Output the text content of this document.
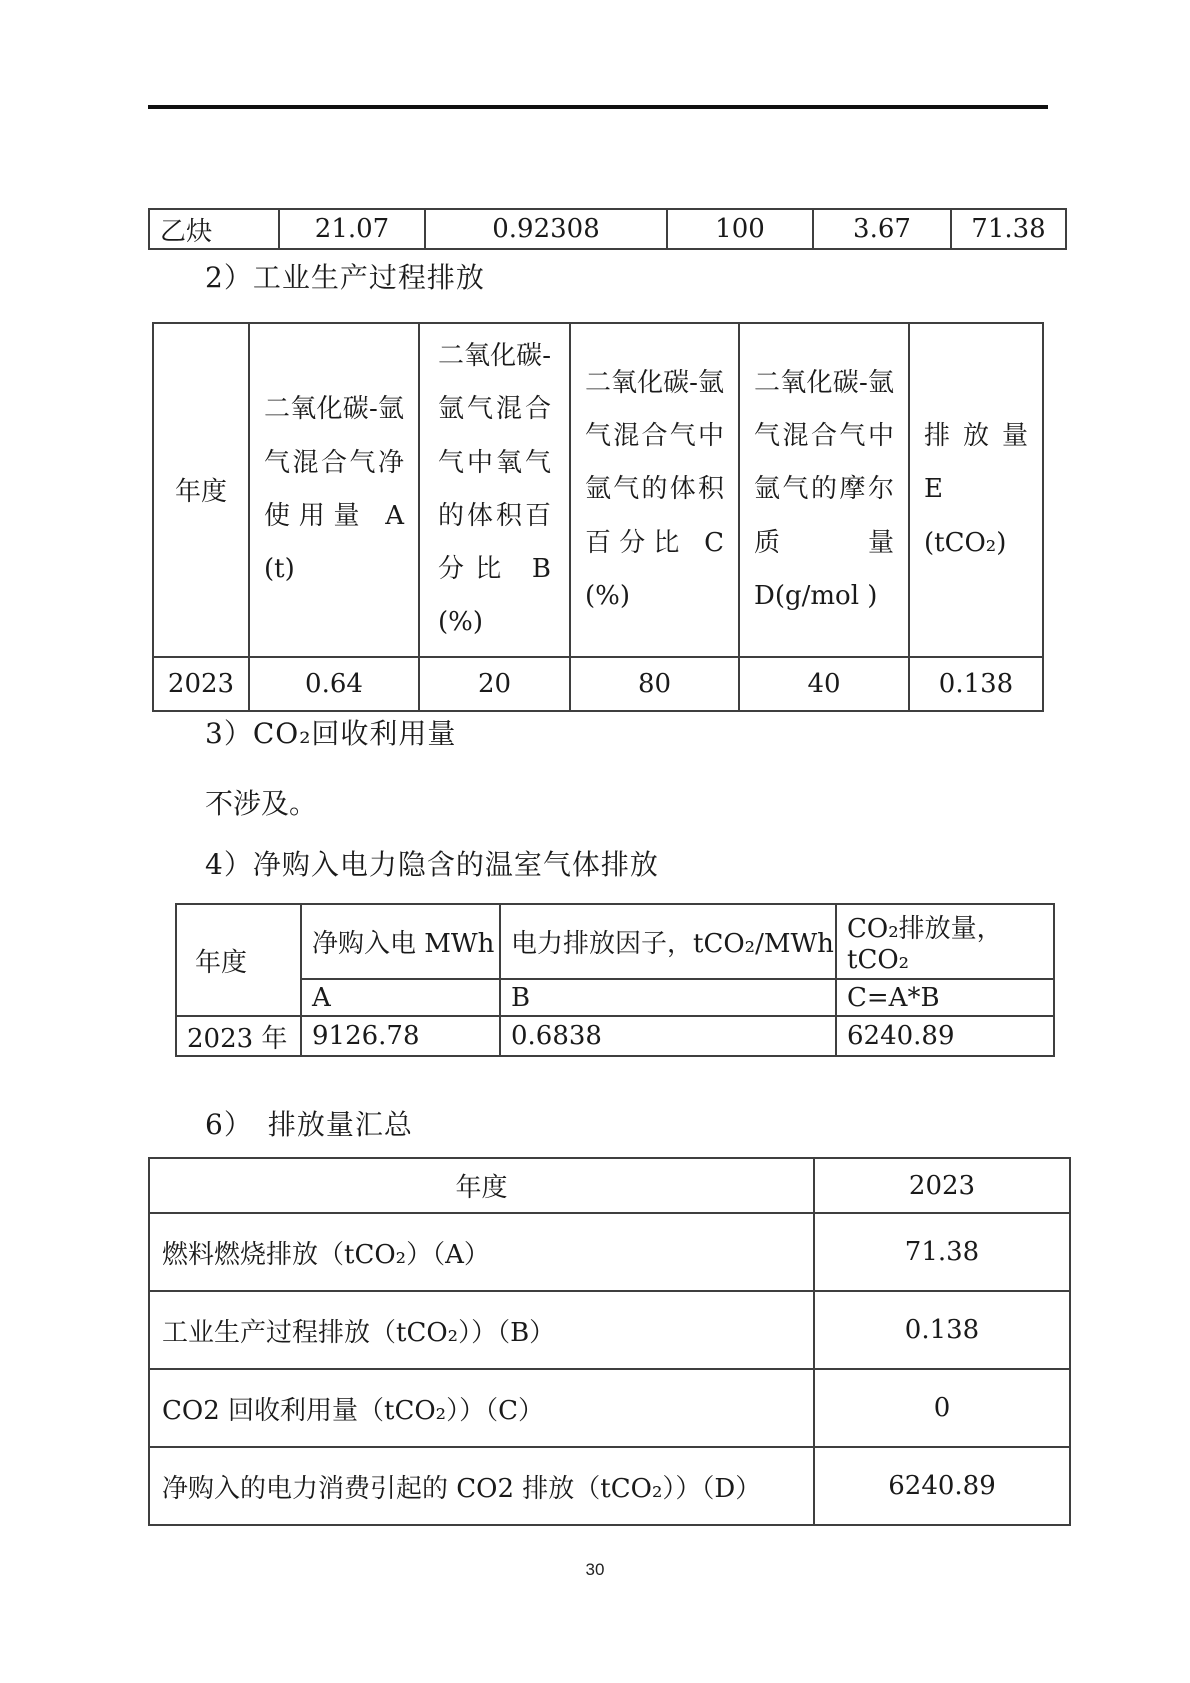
乙炔	21.07	0.92308	100	3.67	71.38
2）工业生产过程排放
年度	二氧化碳-氩气混合气净使用量 A (t)	二氧化碳-氩气混合气中氧气的体积百分比 B (%)	二氧化碳-氩气混合气中氩气的体积百分比 C (%)	二氧化碳-氩气混合气中氩气的摩尔质量 D(g/mol )	排放量 E (tCO₂)
2023	0.64	20	80	40	0.138
3）CO₂回收利用量
不涉及。
4）净购入电力隐含的温室气体排放
年度	净购入电 MWh	电力排放因子，tCO₂/MWh	CO₂排放量，tCO₂
	A	B	C=A*B
2023 年	9126.78	0.6838	6240.89
6）　排放量汇总
年度	2023
燃料燃烧排放（tCO₂）（A）	71.38
工业生产过程排放（tCO₂））（B）	0.138
CO2 回收利用量（tCO₂））（C）	0
净购入的电力消费引起的 CO2 排放（tCO₂））（D）	6240.89
30
